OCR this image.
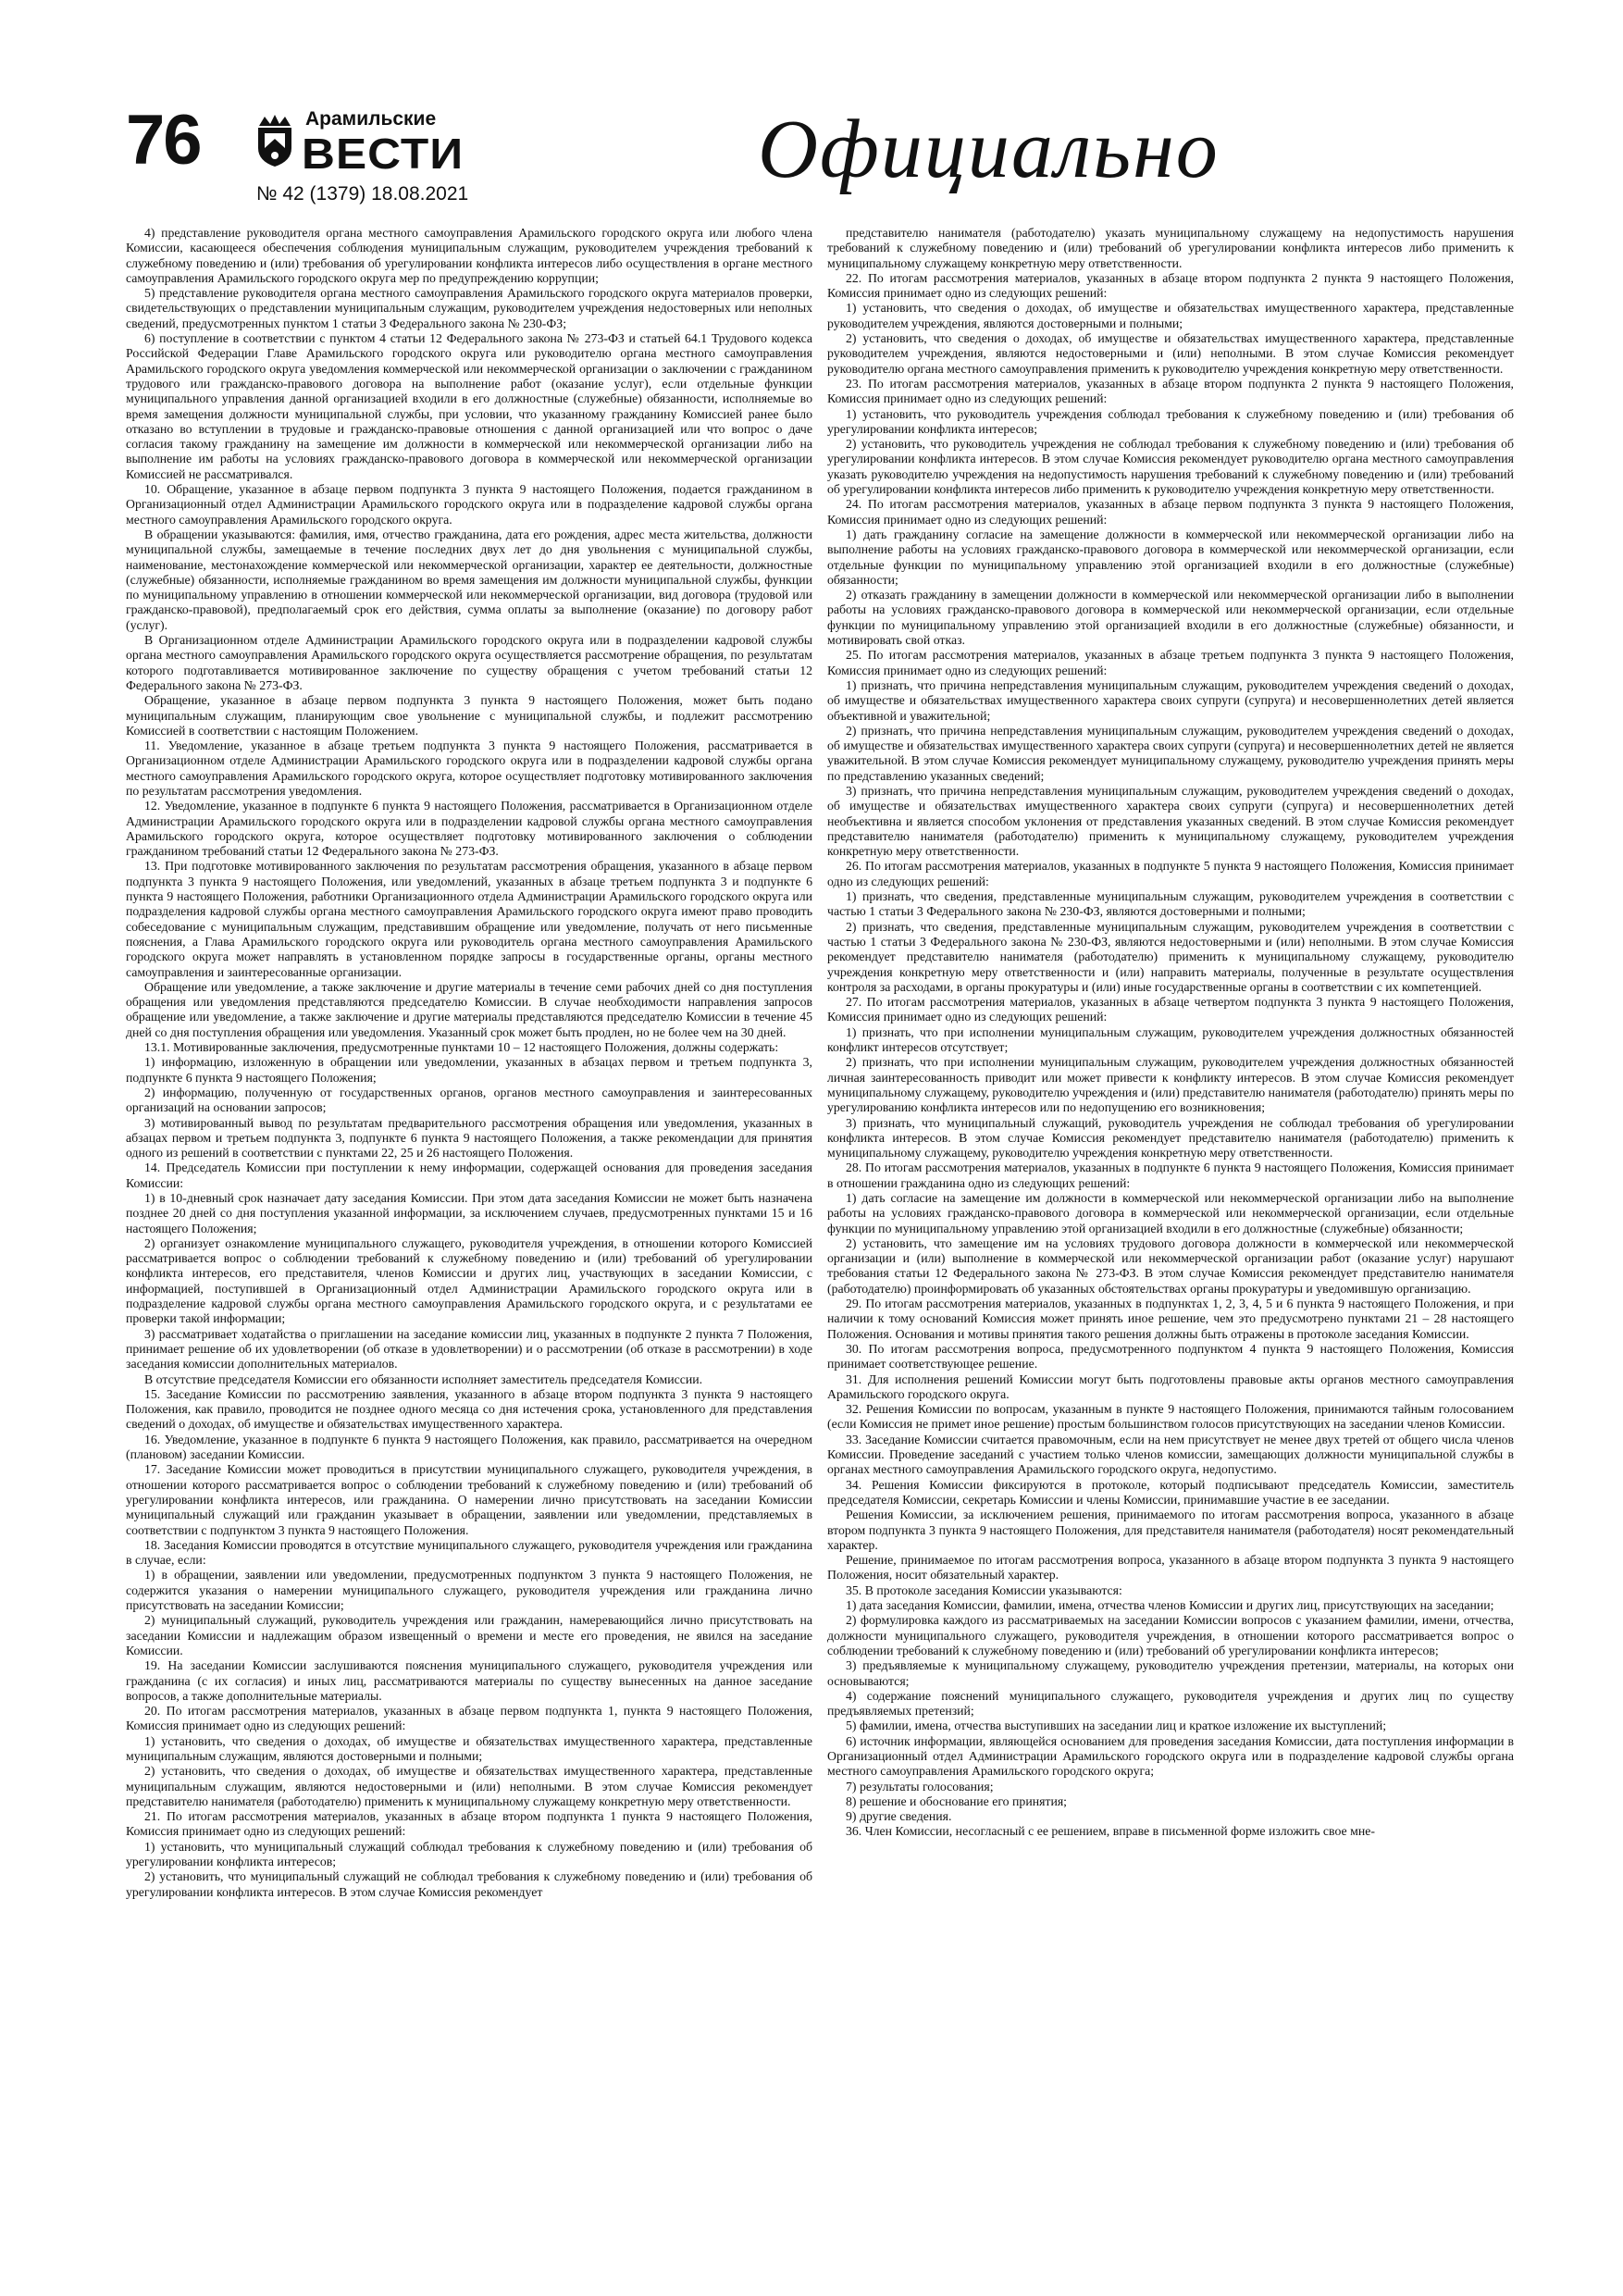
76	Арамильские
ВЕСТИ
№ 42 (1379) 18.08.2021	Официально

4) представление руководителя органа местного самоуправления Арамильского городского округа или любого члена Комиссии, касающееся обеспечения соблюдения муниципальным служащим, руководителем учреждения требований к служебному поведению и (или) требования об урегулировании конфликта интересов либо осуществления в органе местного самоуправления Арамильского городского округа мер по предупреждению коррупции;

5) представление руководителя органа местного самоуправления Арамильского городского округа материалов проверки, свидетельствующих о представлении муниципальным служащим, руководителем учреждения недостоверных или неполных сведений, предусмотренных пунктом 1 статьи 3 Федерального закона № 230-ФЗ;

6) поступление в соответствии с пунктом 4 статьи 12 Федерального закона № 273-ФЗ и статьей 64.1 Трудового кодекса Российской Федерации Главе Арамильского городского округа или руководителю органа местного самоуправления Арамильского городского округа уведомления коммерческой или некоммерческой организации о заключении с гражданином трудового или гражданско-правового договора на выполнение работ (оказание услуг), если отдельные функции муниципального управления данной организацией входили в его должностные (служебные) обязанности, исполняемые во время замещения должности муниципальной службы, при условии, что указанному гражданину Комиссией ранее было отказано во вступлении в трудовые и гражданско-правовые отношения с данной организацией или что вопрос о даче согласия такому гражданину на замещение им должности в коммерческой или некоммерческой организации либо на выполнение им работы на условиях гражданско-правового договора в коммерческой или некоммерческой организации Комиссией не рассматривался.

10. Обращение, указанное в абзаце первом подпункта 3 пункта 9 настоящего Положения, подается гражданином в Организационный отдел Администрации Арамильского городского округа или в подразделение кадровой службы органа местного самоуправления Арамильского городского округа.

В обращении указываются: фамилия, имя, отчество гражданина, дата его рождения, адрес места жительства, должности муниципальной службы, замещаемые в течение последних двух лет до дня увольнения с муниципальной службы, наименование, местонахождение коммерческой или некоммерческой организации, характер ее деятельности, должностные (служебные) обязанности, исполняемые гражданином во время замещения им должности муниципальной службы, функции по муниципальному управлению в отношении коммерческой или некоммерческой организации, вид договора (трудовой или гражданско-правовой), предполагаемый срок его действия, сумма оплаты за выполнение (оказание) по договору работ (услуг).

В Организационном отделе Администрации Арамильского городского округа или в подразделении кадровой службы органа местного самоуправления Арамильского городского округа осуществляется рассмотрение обращения, по результатам которого подготавливается мотивированное заключение по существу обращения с учетом требований статьи 12 Федерального закона № 273-ФЗ.

Обращение, указанное в абзаце первом подпункта 3 пункта 9 настоящего Положения, может быть подано муниципальным служащим, планирующим свое увольнение с муниципальной службы, и подлежит рассмотрению Комиссией в соответствии с настоящим Положением.

11. Уведомление, указанное в абзаце третьем подпункта 3 пункта 9 настоящего Положения, рассматривается в Организационном отделе Администрации Арамильского городского округа или в подразделении кадровой службы органа местного самоуправления Арамильского городского округа, которое осуществляет подготовку мотивированного заключения по результатам рассмотрения уведомления.

12. Уведомление, указанное в подпункте 6 пункта 9 настоящего Положения, рассматривается в Организационном отделе Администрации Арамильского городского округа или в подразделении кадровой службы органа местного самоуправления Арамильского городского округа, которое осуществляет подготовку мотивированного заключения о соблюдении гражданином требований статьи 12 Федерального закона № 273-ФЗ.

13. При подготовке мотивированного заключения по результатам рассмотрения обращения, указанного в абзаце первом подпункта 3 пункта 9 настоящего Положения, или уведомлений, указанных в абзаце третьем подпункта 3 и подпункте 6 пункта 9 настоящего Положения, работники Организационного отдела Администрации Арамильского городского округа или подразделения кадровой службы органа местного самоуправления Арамильского городского округа имеют право проводить собеседование с муниципальным служащим, представившим обращение или уведомление, получать от него письменные пояснения, а Глава Арамильского городского округа или руководитель органа местного самоуправления Арамильского городского округа может направлять в установленном порядке запросы в государственные органы, органы местного самоуправления и заинтересованные организации.

Обращение или уведомление, а также заключение и другие материалы в течение семи рабочих дней со дня поступления обращения или уведомления представляются председателю Комиссии. В случае необходимости направления запросов обращение или уведомление, а также заключение и другие материалы представляются председателю Комиссии в течение 45 дней со дня поступления обращения или уведомления. Указанный срок может быть продлен, но не более чем на 30 дней.

13.1. Мотивированные заключения, предусмотренные пунктами 10 – 12 настоящего Положения, должны содержать:

1) информацию, изложенную в обращении или уведомлении, указанных в абзацах первом и третьем подпункта 3, подпункте 6 пункта 9 настоящего Положения;

2) информацию, полученную от государственных органов, органов местного самоуправления и заинтересованных организаций на основании запросов;

3) мотивированный вывод по результатам предварительного рассмотрения обращения или уведомления, указанных в абзацах первом и третьем подпункта 3, подпункте 6 пункта 9 настоящего Положения, а также рекомендации для принятия одного из решений в соответствии с пунктами 22, 25 и 26 настоящего Положения.

14. Председатель Комиссии при поступлении к нему информации, содержащей основания для проведения заседания Комиссии:

1) в 10-дневный срок назначает дату заседания Комиссии. При этом дата заседания Комиссии не может быть назначена позднее 20 дней со дня поступления указанной информации, за исключением случаев, предусмотренных пунктами 15 и 16 настоящего Положения;

2) организует ознакомление муниципального служащего, руководителя учреждения, в отношении которого Комиссией рассматривается вопрос о соблюдении требований к служебному поведению и (или) требований об урегулировании конфликта интересов, его представителя, членов Комиссии и других лиц, участвующих в заседании Комиссии, с информацией, поступившей в Организационный отдел Администрации Арамильского городского округа или в подразделение кадровой службы органа местного самоуправления Арамильского городского округа, и с результатами ее проверки такой информации;

3) рассматривает ходатайства о приглашении на заседание комиссии лиц, указанных в подпункте 2 пункта 7 Положения, принимает решение об их удовлетворении (об отказе в удовлетворении) и о рассмотрении (об отказе в рассмотрении) в ходе заседания комиссии дополнительных материалов.

В отсутствие председателя Комиссии его обязанности исполняет заместитель председателя Комиссии.

15. Заседание Комиссии по рассмотрению заявления, указанного в абзаце втором подпункта 3 пункта 9 настоящего Положения, как правило, проводится не позднее одного месяца со дня истечения срока, установленного для представления сведений о доходах, об имуществе и обязательствах имущественного характера.

16. Уведомление, указанное в подпункте 6 пункта 9 настоящего Положения, как правило, рассматривается на очередном (плановом) заседании Комиссии.

17. Заседание Комиссии может проводиться в присутствии муниципального служащего, руководителя учреждения, в отношении которого рассматривается вопрос о соблюдении требований к служебному поведению и (или) требований об урегулировании конфликта интересов, или гражданина. О намерении лично присутствовать на заседании Комиссии муниципальный служащий или гражданин указывает в обращении, заявлении или уведомлении, представляемых в соответствии с подпунктом 3 пункта 9 настоящего Положения.

18. Заседания Комиссии проводятся в отсутствие муниципального служащего, руководителя учреждения или гражданина в случае, если:

1) в обращении, заявлении или уведомлении, предусмотренных подпунктом 3 пункта 9 настоящего Положения, не содержится указания о намерении муниципального служащего, руководителя учреждения или гражданина лично присутствовать на заседании Комиссии;

2) муниципальный служащий, руководитель учреждения или гражданин, намеревающийся лично присутствовать на заседании Комиссии и надлежащим образом извещенный о времени и месте его проведения, не явился на заседание Комиссии.

19. На заседании Комиссии заслушиваются пояснения муниципального служащего, руководителя учреждения или гражданина (с их согласия) и иных лиц, рассматриваются материалы по существу вынесенных на данное заседание вопросов, а также дополнительные материалы.

20. По итогам рассмотрения материалов, указанных в абзаце первом подпункта 1, пункта 9 настоящего Положения, Комиссия принимает одно из следующих решений:

1) установить, что сведения о доходах, об имуществе и обязательствах имущественного характера, представленные муниципальным служащим, являются достоверными и полными;

2) установить, что сведения о доходах, об имуществе и обязательствах имущественного характера, представленные муниципальным служащим, являются недостоверными и (или) неполными. В этом случае Комиссия рекомендует представителю нанимателя (работодателю) применить к муниципальному служащему конкретную меру ответственности.

21. По итогам рассмотрения материалов, указанных в абзаце втором подпункта 1 пункта 9 настоящего Положения, Комиссия принимает одно из следующих решений:

1) установить, что муниципальный служащий соблюдал требования к служебному поведению и (или) требования об урегулировании конфликта интересов;

2) установить, что муниципальный служащий не соблюдал требования к служебному поведению и (или) требования об урегулировании конфликта интересов. В этом случае Комиссия рекомендует

представителю нанимателя (работодателю) указать муниципальному служащему на недопустимость нарушения требований к служебному поведению и (или) требований об урегулировании конфликта интересов либо применить к муниципальному служащему конкретную меру ответственности.

22. По итогам рассмотрения материалов, указанных в абзаце втором подпункта 2 пункта 9 настоящего Положения, Комиссия принимает одно из следующих решений:

1) установить, что сведения о доходах, об имуществе и обязательствах имущественного характера, представленные руководителем учреждения, являются достоверными и полными;

2) установить, что сведения о доходах, об имуществе и обязательствах имущественного характера, представленные руководителем учреждения, являются недостоверными и (или) неполными. В этом случае Комиссия рекомендует руководителю органа местного самоуправления применить к руководителю учреждения конкретную меру ответственности.

23. По итогам рассмотрения материалов, указанных в абзаце втором подпункта 2 пункта 9 настоящего Положения, Комиссия принимает одно из следующих решений:

1) установить, что руководитель учреждения соблюдал требования к служебному поведению и (или) требования об урегулировании конфликта интересов;

2) установить, что руководитель учреждения не соблюдал требования к служебному поведению и (или) требования об урегулировании конфликта интересов. В этом случае Комиссия рекомендует руководителю органа местного самоуправления указать руководителю учреждения на недопустимость нарушения требований к служебному поведению и (или) требований об урегулировании конфликта интересов либо применить к руководителю учреждения конкретную меру ответственности.

24. По итогам рассмотрения материалов, указанных в абзаце первом подпункта 3 пункта 9 настоящего Положения, Комиссия принимает одно из следующих решений:

1) дать гражданину согласие на замещение должности в коммерческой или некоммерческой организации либо на выполнение работы на условиях гражданско-правового договора в коммерческой или некоммерческой организации, если отдельные функции по муниципальному управлению этой организацией входили в его должностные (служебные) обязанности;

2) отказать гражданину в замещении должности в коммерческой или некоммерческой организации либо в выполнении работы на условиях гражданско-правового договора в коммерческой или некоммерческой организации, если отдельные функции по муниципальному управлению этой организацией входили в его должностные (служебные) обязанности, и мотивировать свой отказ.

25. По итогам рассмотрения материалов, указанных в абзаце третьем подпункта 3 пункта 9 настоящего Положения, Комиссия принимает одно из следующих решений:

1) признать, что причина непредставления муниципальным служащим, руководителем учреждения сведений о доходах, об имуществе и обязательствах имущественного характера своих супруги (супруга) и несовершеннолетних детей является объективной и уважительной;

2) признать, что причина непредставления муниципальным служащим, руководителем учреждения сведений о доходах, об имуществе и обязательствах имущественного характера своих супруги (супруга) и несовершеннолетних детей не является уважительной. В этом случае Комиссия рекомендует муниципальному служащему, руководителю учреждения принять меры по представлению указанных сведений;

3) признать, что причина непредставления муниципальным служащим, руководителем учреждения сведений о доходах, об имуществе и обязательствах имущественного характера своих супруги (супруга) и несовершеннолетних детей необъективна и является способом уклонения от представления указанных сведений. В этом случае Комиссия рекомендует представителю нанимателя (работодателю) применить к муниципальному служащему, руководителем учреждения конкретную меру ответственности.

26. По итогам рассмотрения материалов, указанных в подпункте 5 пункта 9 настоящего Положения, Комиссия принимает одно из следующих решений:

1) признать, что сведения, представленные муниципальным служащим, руководителем учреждения в соответствии с частью 1 статьи 3 Федерального закона № 230-ФЗ, являются достоверными и полными;

2) признать, что сведения, представленные муниципальным служащим, руководителем учреждения в соответствии с частью 1 статьи 3 Федерального закона № 230-ФЗ, являются недостоверными и (или) неполными. В этом случае Комиссия рекомендует представителю нанимателя (работодателю) применить к муниципальному служащему, руководителю учреждения конкретную меру ответственности и (или) направить материалы, полученные в результате осуществления контроля за расходами, в органы прокуратуры и (или) иные государственные органы в соответствии с их компетенцией.

27. По итогам рассмотрения материалов, указанных в абзаце четвертом подпункта 3 пункта 9 настоящего Положения, Комиссия принимает одно из следующих решений:

1) признать, что при исполнении муниципальным служащим, руководителем учреждения должностных обязанностей конфликт интересов отсутствует;

2) признать, что при исполнении муниципальным служащим, руководителем учреждения должностных обязанностей личная заинтересованность приводит или может привести к конфликту интересов. В этом случае Комиссия рекомендует муниципальному служащему, руководителю учреждения и (или) представителю нанимателя (работодателю) принять меры по урегулированию конфликта интересов или по недопущению его возникновения;

3) признать, что муниципальный служащий, руководитель учреждения не соблюдал требования об урегулировании конфликта интересов. В этом случае Комиссия рекомендует представителю нанимателя (работодателю) применить к муниципальному служащему, руководителю учреждения конкретную меру ответственности.

28. По итогам рассмотрения материалов, указанных в подпункте 6 пункта 9 настоящего Положения, Комиссия принимает в отношении гражданина одно из следующих решений:

1) дать согласие на замещение им должности в коммерческой или некоммерческой организации либо на выполнение работы на условиях гражданско-правового договора в коммерческой или некоммерческой организации, если отдельные функции по муниципальному управлению этой организацией входили в его должностные (служебные) обязанности;

2) установить, что замещение им на условиях трудового договора должности в коммерческой или некоммерческой организации и (или) выполнение в коммерческой или некоммерческой организации работ (оказание услуг) нарушают требования статьи 12 Федерального закона № 273-ФЗ. В этом случае Комиссия рекомендует представителю нанимателя (работодателю) проинформировать об указанных обстоятельствах органы прокуратуры и уведомившую организацию.

29. По итогам рассмотрения материалов, указанных в подпунктах 1, 2, 3, 4, 5 и 6 пункта 9 настоящего Положения, и при наличии к тому оснований Комиссия может принять иное решение, чем это предусмотрено пунктами 21 – 28 настоящего Положения. Основания и мотивы принятия такого решения должны быть отражены в протоколе заседания Комиссии.

30. По итогам рассмотрения вопроса, предусмотренного подпунктом 4 пункта 9 настоящего Положения, Комиссия принимает соответствующее решение.

31. Для исполнения решений Комиссии могут быть подготовлены правовые акты органов местного самоуправления Арамильского городского округа.

32. Решения Комиссии по вопросам, указанным в пункте 9 настоящего Положения, принимаются тайным голосованием (если Комиссия не примет иное решение) простым большинством голосов присутствующих на заседании членов Комиссии.

33. Заседание Комиссии считается правомочным, если на нем присутствует не менее двух третей от общего числа членов Комиссии. Проведение заседаний с участием только членов комиссии, замещающих должности муниципальной службы в органах местного самоуправления Арамильского городского округа, недопустимо.

34. Решения Комиссии фиксируются в протоколе, который подписывают председатель Комиссии, заместитель председателя Комиссии, секретарь Комиссии и члены Комиссии, принимавшие участие в ее заседании.

Решения Комиссии, за исключением решения, принимаемого по итогам рассмотрения вопроса, указанного в абзаце втором подпункта 3 пункта 9 настоящего Положения, для представителя нанимателя (работодателя) носят рекомендательный характер.

Решение, принимаемое по итогам рассмотрения вопроса, указанного в абзаце втором подпункта 3 пункта 9 настоящего Положения, носит обязательный характер.

35. В протоколе заседания Комиссии указываются:

1) дата заседания Комиссии, фамилии, имена, отчества членов Комиссии и других лиц, присутствующих на заседании;

2) формулировка каждого из рассматриваемых на заседании Комиссии вопросов с указанием фамилии, имени, отчества, должности муниципального служащего, руководителя учреждения, в отношении которого рассматривается вопрос о соблюдении требований к служебному поведению и (или) требований об урегулировании конфликта интересов;

3) предъявляемые к муниципальному служащему, руководителю учреждения претензии, материалы, на которых они основываются;

4) содержание пояснений муниципального служащего, руководителя учреждения и других лиц по существу предъявляемых претензий;

5) фамилии, имена, отчества выступивших на заседании лиц и краткое изложение их выступлений;

6) источник информации, являющейся основанием для проведения заседания Комиссии, дата поступления информации в Организационный отдел Администрации Арамильского городского округа или в подразделение кадровой службы органа местного самоуправления Арамильского городского округа;

7) результаты голосования;

8) решение и обоснование его принятия;

9) другие сведения.

36. Член Комиссии, несогласный с ее решением, вправе в письменной форме изложить свое мне-
